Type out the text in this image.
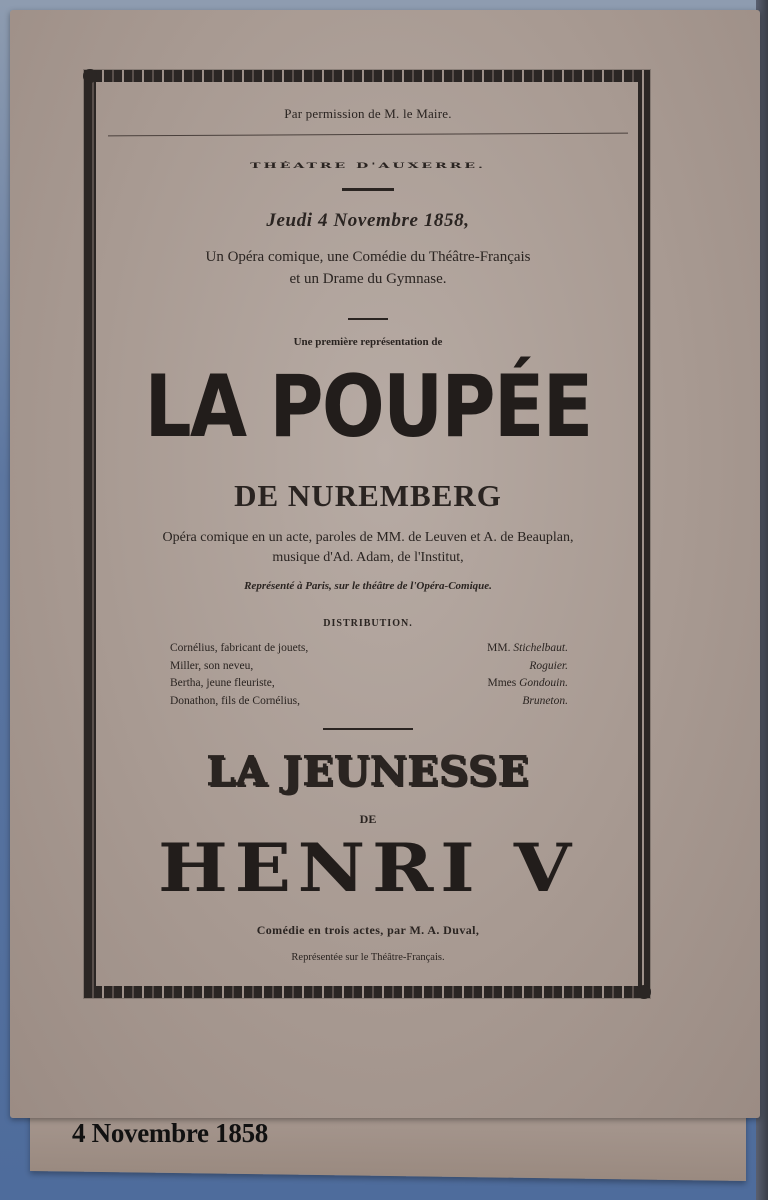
Par permission de M. le Maire.
THÉATRE D'AUXERRE.
Jeudi 4 Novembre 1858,
Un Opéra comique, une Comédie du Théâtre-Français
et un Drame du Gymnase.
Une première représentation de
LA POUPÉE
DE NUREMBERG
Opéra comique en un acte, paroles de MM. de Leuven et A. de Beauplan,
musique d'Ad. Adam, de l'Institut,
Représenté à Paris, sur le théâtre de l'Opéra-Comique.
DISTRIBUTION.
Cornélius, fabricant de jouets,	MM. Stichelbaut.
Miller, son neveu,	Roguier.
Bertha, jeune fleuriste,	Mmes Gondouin.
Donathon, fils de Cornélius,	Bruneton.
LA JEUNESSE
DE
HENRI V
Comédie en trois actes, par M. A. Duval,
Représentée sur le Théâtre-Français.
4 Novembre 1858
